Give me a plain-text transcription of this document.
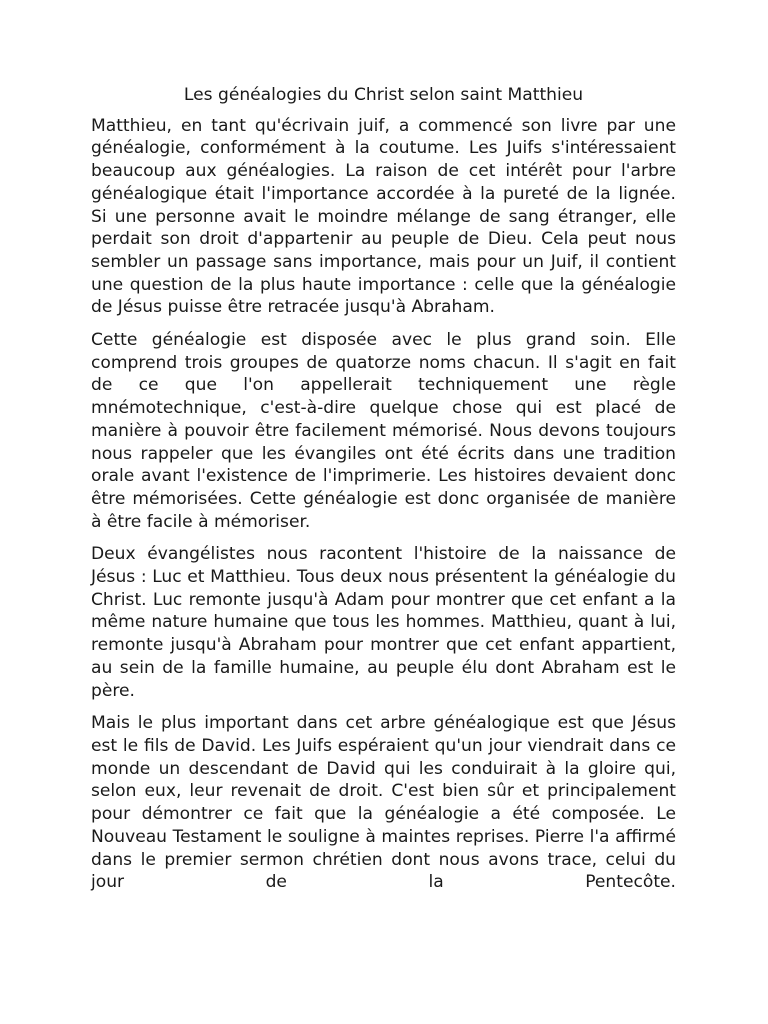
Les généalogies du Christ selon saint Matthieu

Matthieu, en tant qu'écrivain juif, a commencé son livre par une généalogie, conformément à la coutume. Les Juifs s'intéressaient beaucoup aux généalogies. La raison de cet intérêt pour l'arbre généalogique était l'importance accordée à la pureté de la lignée. Si une personne avait le moindre mélange de sang étranger, elle perdait son droit d'appartenir au peuple de Dieu. Cela peut nous sembler un passage sans importance, mais pour un Juif, il contient une question de la plus haute importance : celle que la généalogie de Jésus puisse être retracée jusqu'à Abraham.

Cette généalogie est disposée avec le plus grand soin. Elle comprend trois groupes de quatorze noms chacun. Il s'agit en fait de ce que l'on appellerait techniquement une règle mnémotechnique, c'est-à-dire quelque chose qui est placé de manière à pouvoir être facilement mémorisé. Nous devons toujours nous rappeler que les évangiles ont été écrits dans une tradition orale avant l'existence de l'imprimerie. Les histoires devaient donc être mémorisées. Cette généalogie est donc organisée de manière à être facile à mémoriser.

Deux évangélistes nous racontent l'histoire de la naissance de Jésus : Luc et Matthieu. Tous deux nous présentent la généalogie du Christ. Luc remonte jusqu'à Adam pour montrer que cet enfant a la même nature humaine que tous les hommes. Matthieu, quant à lui, remonte jusqu'à Abraham pour montrer que cet enfant appartient, au sein de la famille humaine, au peuple élu dont Abraham est le père.

Mais le plus important dans cet arbre généalogique est que Jésus est le fils de David. Les Juifs espéraient qu'un jour viendrait dans ce monde un descendant de David qui les conduirait à la gloire qui, selon eux, leur revenait de droit. C'est bien sûr et principalement pour démontrer ce fait que la généalogie a été composée. Le Nouveau Testament le souligne à maintes reprises. Pierre l'a affirmé dans le premier sermon chrétien dont nous avons trace, celui du jour de la Pentecôte.
